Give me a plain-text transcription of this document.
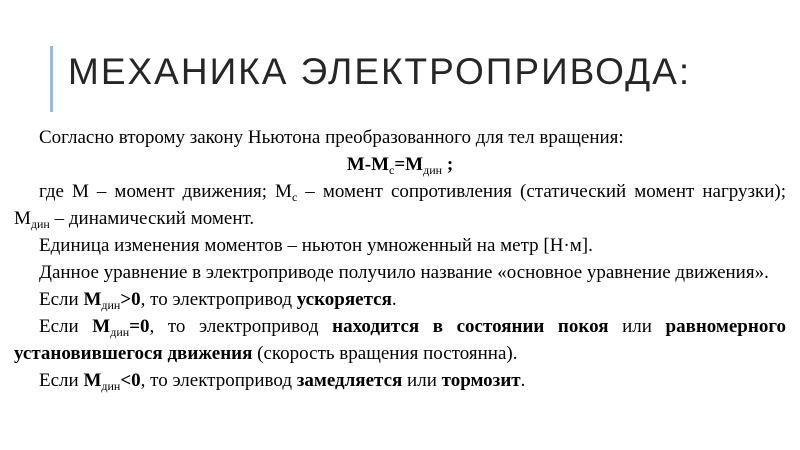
МЕХАНИКА ЭЛЕКТРОПРИВОДА:

Согласно второму закону Ньютона преобразованного для тел вращения:

$М-М_с=М_{дин}$ ;

где М – момент движения; $М_с$ – момент сопротивления (статический момент нагрузки); $М_{дин}$ – динамический момент.

Единица изменения моментов – ньютон умноженный на метр [Н·м].

Данное уравнение в электроприводе получило название «основное уравнение движения».

Если $М_{дин}>0$, то электропривод ускоряется.

Если $М_{дин}=0$, то электропривод находится в состоянии покоя или равномерного установившегося движения (скорость вращения постоянна).

Если $М_{дин}<0$, то электропривод замедляется или тормозит.
